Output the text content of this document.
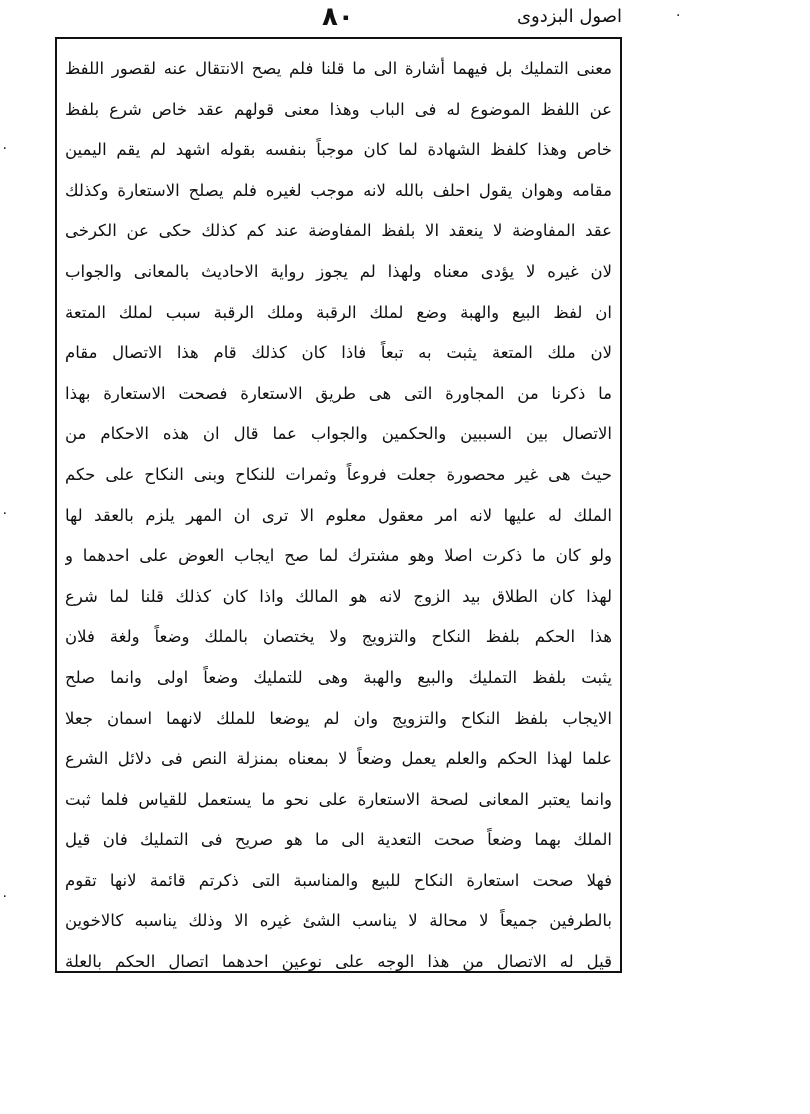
٨٠	اصول البزدوى
معنى التمليك بل فيهما أشارة الى ما قلنا فلم يصح الانتقال عنه لقصور اللفظ
عن اللفظ الموضوع له فى الباب وهذا معنى قولهم عقد خاص شرع بلفظ
خاص وهذا كلفظ الشهادة لما كان موجباً بنفسه بقوله اشهد لم يقم اليمين
مقامه وهوان يقول احلف بالله لانه موجب لغيره فلم يصلح الاستعارة وكذلك
عقد المفاوضة لا ينعقد الا بلفظ المفاوضة عند كم كذلك حكى عن الكرخى
لان غيره لا يؤدى معناه ولهذا لم يجوز رواية الاحاديث بالمعانى والجواب
ان لفظ البيع والهبة وضع لملك الرقبة وملك الرقبة سبب لملك المتعة
لان ملك المتعة يثبت به تبعاً فاذا كان كذلك قام هذا الاتصال مقام
ما ذكرنا من المجاورة التى هى طريق الاستعارة فصحت الاستعارة بهذا
الاتصال بين السببين والحكمين والجواب عما قال ان هذه الاحكام من
حيث هى غير محصورة جعلت فروعاً وثمرات للنكاح وبنى النكاح على حكم
الملك له عليها لانه امر معقول معلوم الا ترى ان المهر يلزم بالعقد لها
ولو كان ما ذكرت اصلا وهو مشترك لما صح ايجاب العوض على احدهما و
لهذا كان الطلاق بيد الزوج لانه هو المالك واذا كان كذلك قلنا لما شرع
هذا الحكم بلفظ النكاح والتزويج ولا يختصان بالملك وضعاً ولغة فلان
يثبت بلفظ التمليك والبيع والهبة وهى للتمليك وضعاً اولى وانما صلح
الايجاب بلفظ النكاح والتزويج وان لم يوضعا للملك لانهما اسمان جعلا
علما لهذا الحكم والعلم يعمل وضعاً لا بمعناه بمنزلة النص فى دلائل الشرع
وانما يعتبر المعانى لصحة الاستعارة على نحو ما يستعمل للقياس فلما ثبت
الملك بهما وضعاً صحت التعدية الى ما هو صريح فى التمليك فان قيل
فهلا صحت استعارة النكاح للبيع والمناسبة التى ذكرتم قائمة لانها تقوم
بالطرفين جميعاً لا محالة لا يناسب الشئ غيره الا وذلك يناسبه كالاخوين
قيل له الاتصال من هذا الوجه على نوعين احدهما اتصال الحكم بالعلة
·
٠
٠
٠
